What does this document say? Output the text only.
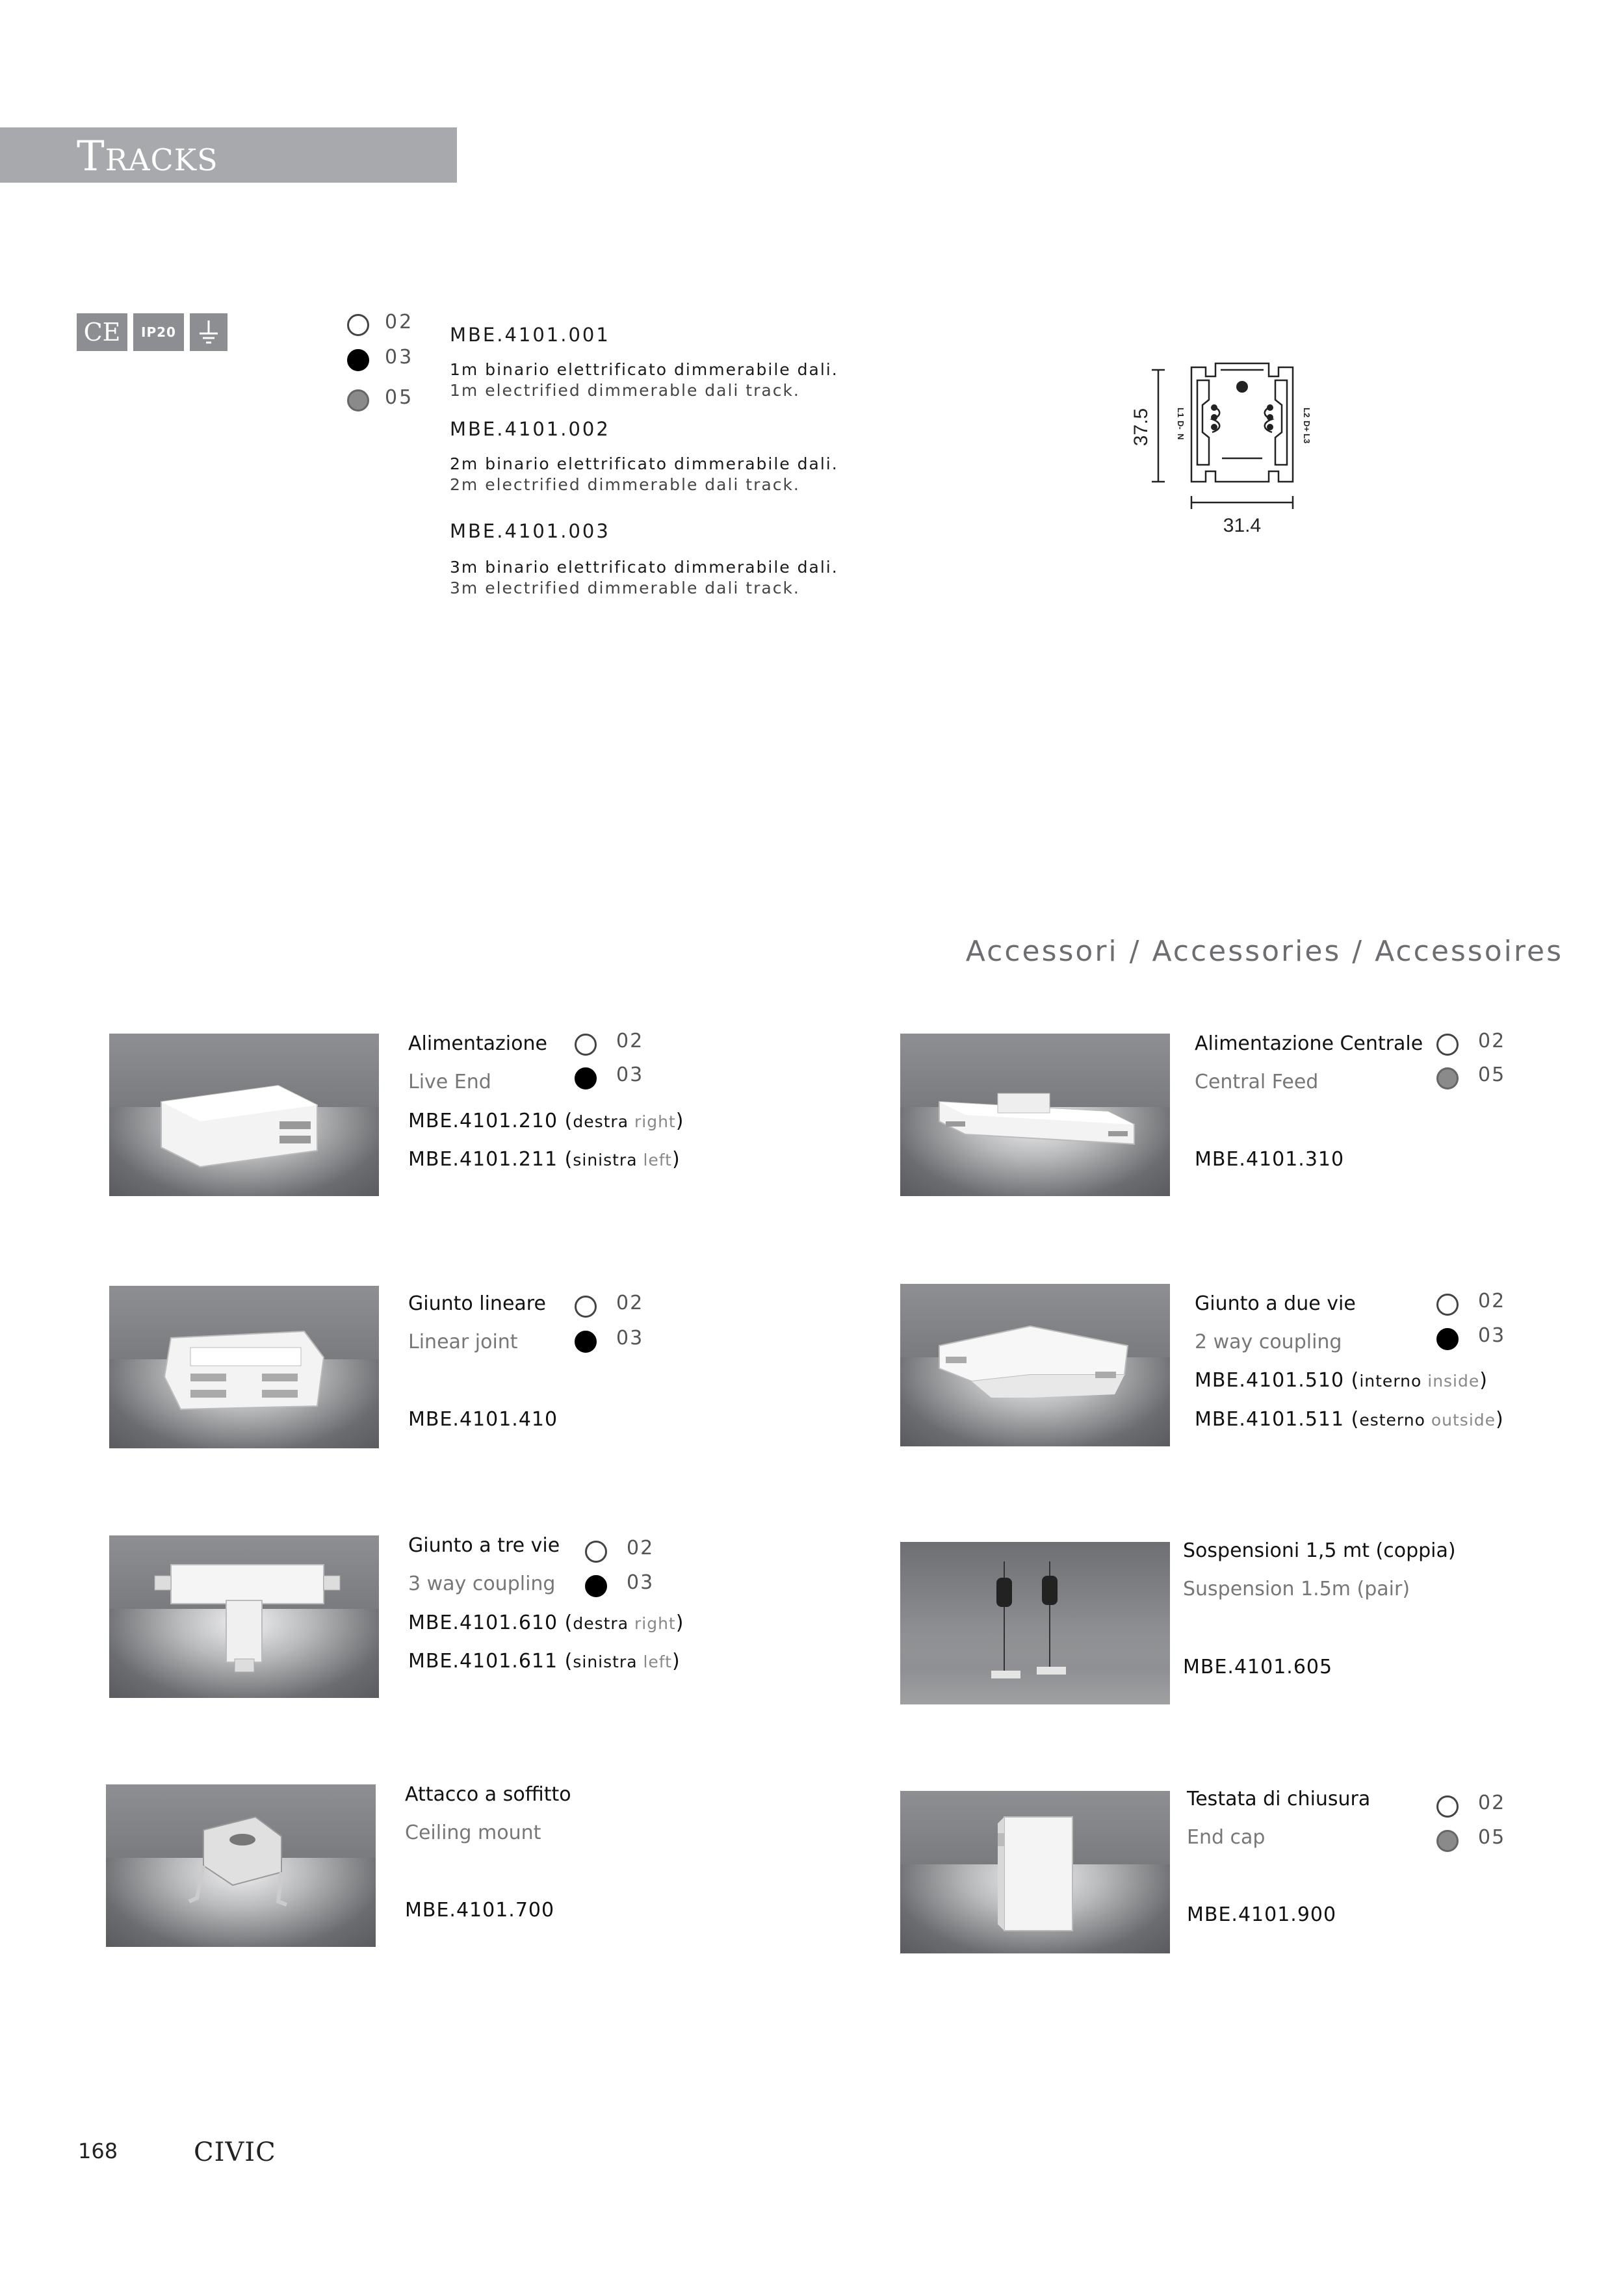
TRACKS
CE IP20	02
03
05
MBE.4101.001
1m binario elettrificato dimmerabile dali.
1m electrified dimmerable dali track.
MBE.4101.002
2m binario elettrificato dimmerabile dali.
2m electrified dimmerable dali track.
MBE.4101.003
3m binario elettrificato dimmerabile dali.
3m electrified dimmerable dali track.
37.5
31.4
L1
D-
N
L2
D+
L3
Accessori / Accessories / Accessoires
Alimentazione
Live End
02
03
MBE.4101.210 (destra right)
MBE.4101.211 (sinistra left)
Alimentazione Centrale
Central Feed
02
05
MBE.4101.310
Giunto lineare
Linear joint
02
03
MBE.4101.410
Giunto a due vie
2 way coupling
02
03
MBE.4101.510 (interno inside)
MBE.4101.511 (esterno outside)
Giunto a tre vie
3 way coupling
02
03
MBE.4101.610 (destra right)
MBE.4101.611 (sinistra left)
Sospensioni 1,5 mt (coppia)
Suspension 1.5m (pair)
MBE.4101.605
Attacco a soffitto
Ceiling mount
MBE.4101.700
Testata di chiusura
End cap
02
05
MBE.4101.900
168	CIVIC
